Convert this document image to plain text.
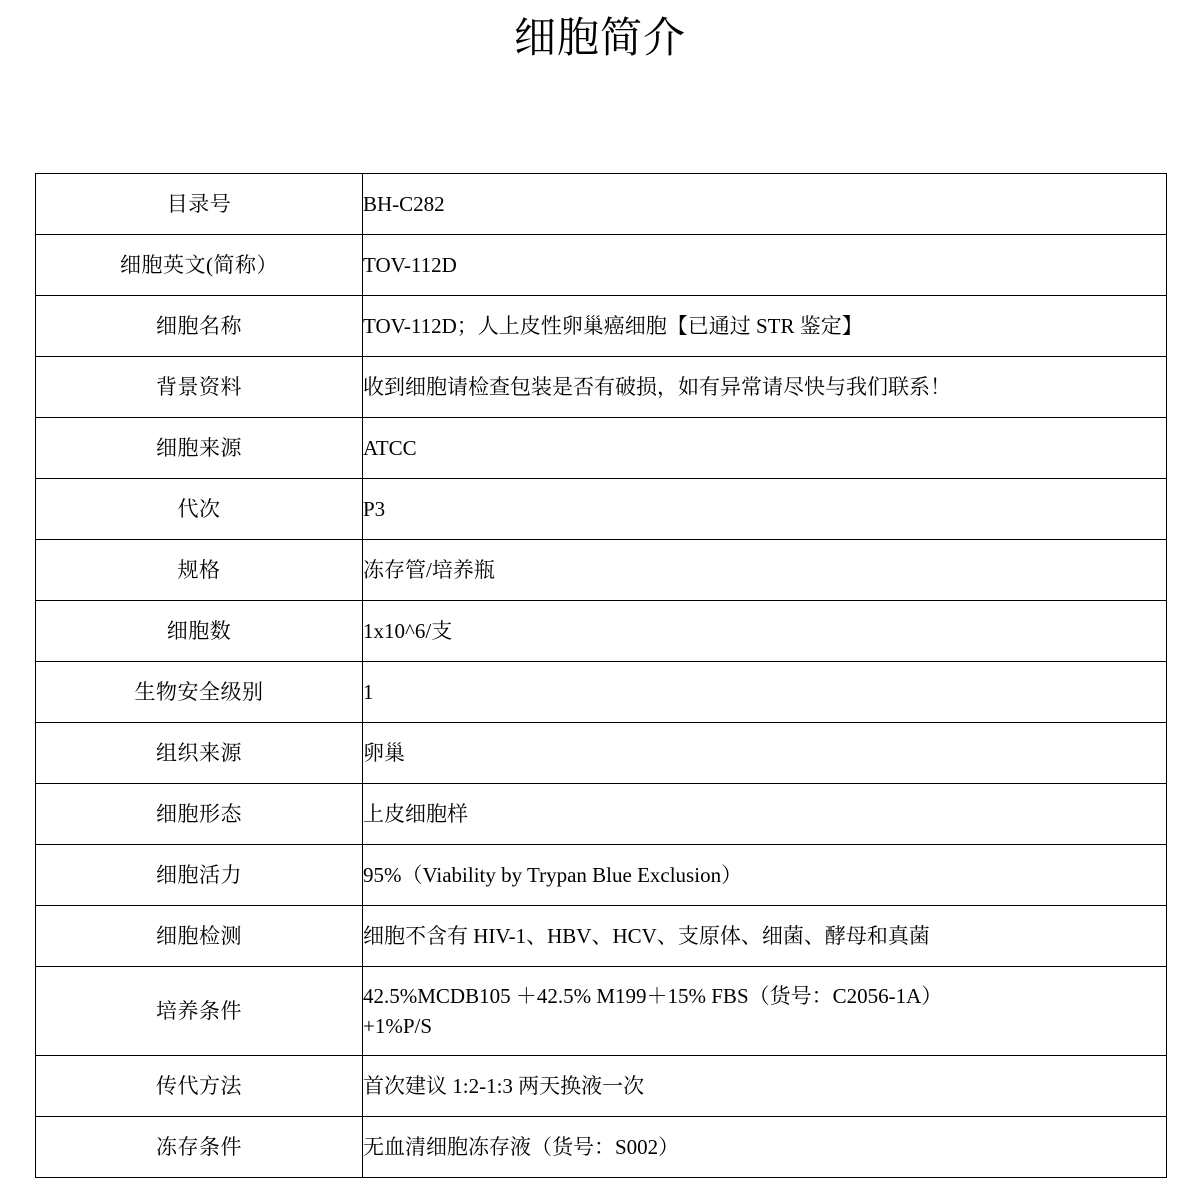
细胞简介
目录号	BH-C282
细胞英文(简称）	TOV-112D
细胞名称	TOV-112D；人上皮性卵巢癌细胞【已通过 STR 鉴定】
背景资料	收到细胞请检查包装是否有破损，如有异常请尽快与我们联系！
细胞来源	ATCC
代次	P3
规格	冻存管/培养瓶
细胞数	1x10^6/支
生物安全级别	1
组织来源	卵巢
细胞形态	上皮细胞样
细胞活力	95%（Viability by Trypan Blue Exclusion）
细胞检测	细胞不含有 HIV-1、HBV、HCV、支原体、细菌、酵母和真菌
培养条件	42.5%MCDB105 ＋42.5% M199＋15% FBS（货号：C2056-1A）
+1%P/S

传代方法	首次建议 1:2-1:3 两天换液一次
冻存条件	无血清细胞冻存液（货号：S002）
